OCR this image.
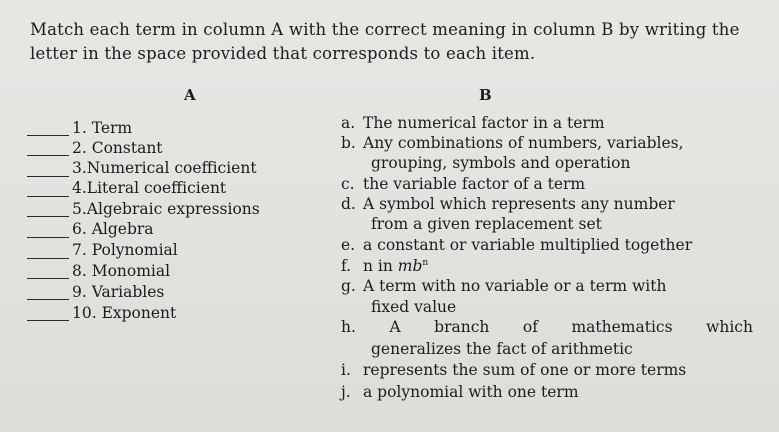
Match each term in column A with the correct meaning in column B by writing the letter in the space provided that corresponds to each item.
A	B
1. Term
2. Constant
3.Numerical coefficient
4.Literal coefficient
5.Algebraic expressions
6. Algebra
7. Polynomial
8. Monomial
9. Variables
10. Exponent
a. The numerical factor in a term
b. Any combinations of numbers, variables,
grouping, symbols and operation
c. the variable factor of a term
d. A symbol which represents any number
from a given replacement set
e. a constant or variable multiplied together
f. n in $mb^n$
g. A term with no variable or a term with
fixed value
h. A branch of mathematics which
generalizes the fact of arithmetic
i. represents the sum of one or more terms
j. a polynomial with one term
